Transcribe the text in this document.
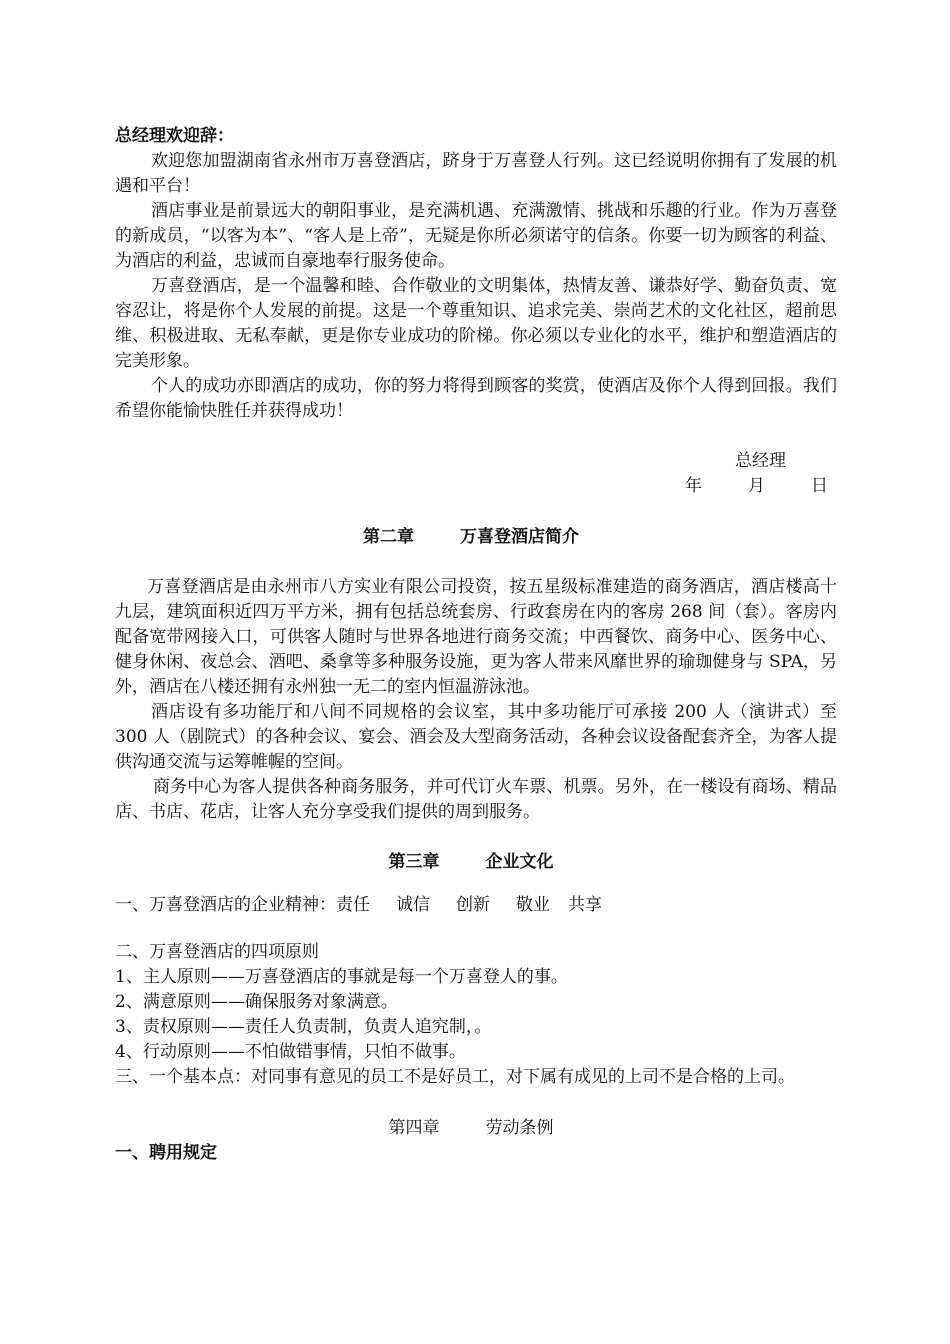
总经理欢迎辞：

欢迎您加盟湖南省永州市万喜登酒店，跻身于万喜登人行列。这已经说明你拥有了发展的机遇和平台！

酒店事业是前景远大的朝阳事业，是充满机遇、充满激情、挑战和乐趣的行业。作为万喜登的新成员，“以客为本”、“客人是上帝”，无疑是你所必须诺守的信条。你要一切为顾客的利益、为酒店的利益，忠诚而自豪地奉行服务使命。

万喜登酒店，是一个温馨和睦、合作敬业的文明集体，热情友善、谦恭好学、勤奋负责、宽容忍让，将是你个人发展的前提。这是一个尊重知识、追求完美、崇尚艺术的文化社区，超前思维、积极进取、无私奉献，更是你专业成功的阶梯。你必须以专业化的水平，维护和塑造酒店的完美形象。

个人的成功亦即酒店的成功，你的努力将得到顾客的奖赏，使酒店及你个人得到回报。我们希望你能愉快胜任并获得成功！

总经理

年	月	日

第二章	万喜登酒店简介

万喜登酒店是由永州市八方实业有限公司投资，按五星级标准建造的商务酒店，酒店楼高十九层，建筑面积近四万平方米，拥有包括总统套房、行政套房在内的客房 268 间（套）。客房内配备宽带网接入口，可供客人随时与世界各地进行商务交流；中西餐饮、商务中心、医务中心、健身休闲、夜总会、酒吧、桑拿等多种服务设施，更为客人带来风靡世界的瑜珈健身与 SPA，另外，酒店在八楼还拥有永州独一无二的室内恒温游泳池。

酒店设有多功能厅和八间不同规格的会议室，其中多功能厅可承接 200 人（演讲式）至 300 人（剧院式）的各种会议、宴会、酒会及大型商务活动，各种会议设备配套齐全，为客人提供沟通交流与运筹帷幄的空间。

商务中心为客人提供各种商务服务，并可代订火车票、机票。另外，在一楼设有商场、精品店、书店、花店，让客人充分享受我们提供的周到服务。

第三章	企业文化

一、万喜登酒店的企业精神：责任 诚信 创新 敬业 共享

二、万喜登酒店的四项原则

1、主人原则——万喜登酒店的事就是每一个万喜登人的事。

2、满意原则——确保服务对象满意。

3、责权原则——责任人负责制，负责人追究制，。

4、行动原则——不怕做错事情，只怕不做事。

三、一个基本点：对同事有意见的员工不是好员工，对下属有成见的上司不是合格的上司。

第四章	劳动条例

一、聘用规定
